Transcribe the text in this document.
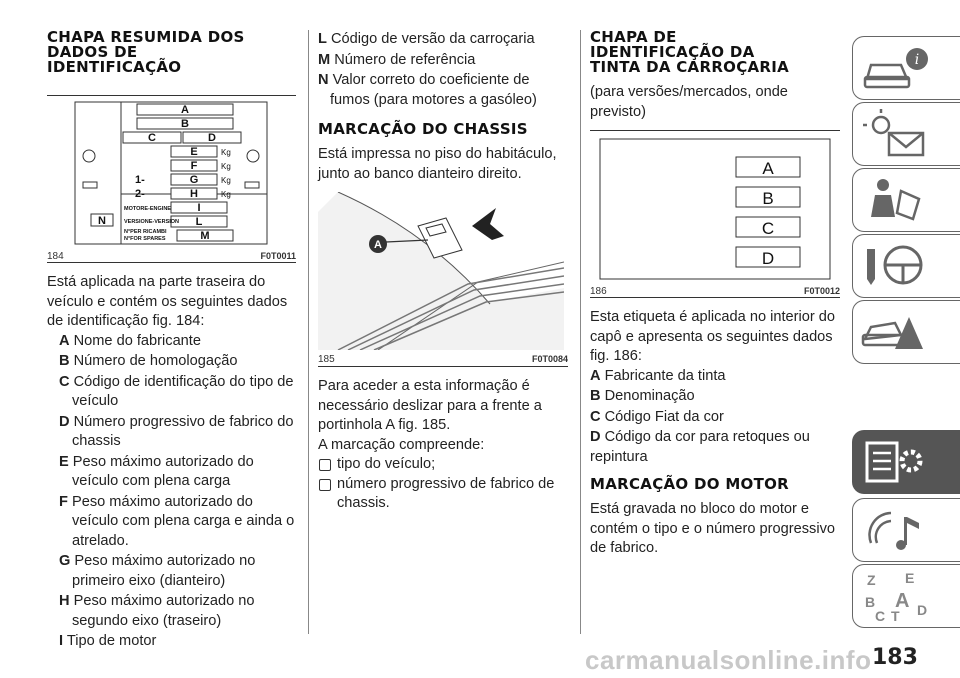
CHAPA RESUMIDA DOS
DADOS DE
IDENTIFICAÇÃO
A
B
C	D
E
F
G
H
I
L
M
N
1-
2-
Kg
Kg
Kg
Kg
MOTORE-ENGINE
VERSIONE-VERSION
N°PER RICAMBI
N°FOR SPARES
184	F0T0011

Está aplicada na parte traseira do veículo e contém os seguintes dados de identificação fig. 184:

A Nome do fabricante
B Número de homologação
C Código de identificação do tipo de veículo
D Número progressivo de fabrico do chassis
E Peso máximo autorizado do veículo com plena carga
F Peso máximo autorizado do veículo com plena carga e ainda o atrelado.
G Peso máximo autorizado no primeiro eixo (dianteiro)
H Peso máximo autorizado no segundo eixo (traseiro)
I Tipo de motor
L Código de versão da carroçaria
M Número de referência
N Valor correto do coeficiente de fumos (para motores a gasóleo)
MARCAÇÃO DO CHASSIS

Está impressa no piso do habitáculo, junto ao banco dianteiro direito.

A
185	F0T0084

Para aceder a esta informação é necessário deslizar para a frente a portinhola A fig. 185.

A marcação compreende:

tipo do veículo;
número progressivo de fabrico de chassis.
CHAPA DE
IDENTIFICAÇÃO DA
TINTA DA CARROÇARIA

(para versões/mercados, onde previsto)

A
B
C
D
186	F0T0012

Esta etiqueta é aplicada no interior do capô e apresenta os seguintes dados fig. 186:

A Fabricante da tinta
B Denominação
C Código Fiat da cor
D Código da cor para retoques ou repintura
MARCAÇÃO DO MOTOR

Está gravada no bloco do motor e contém o tipo e o número progressivo de fabrico.

i
Z E
B
C T D
A
183
carmanualsonline.info
